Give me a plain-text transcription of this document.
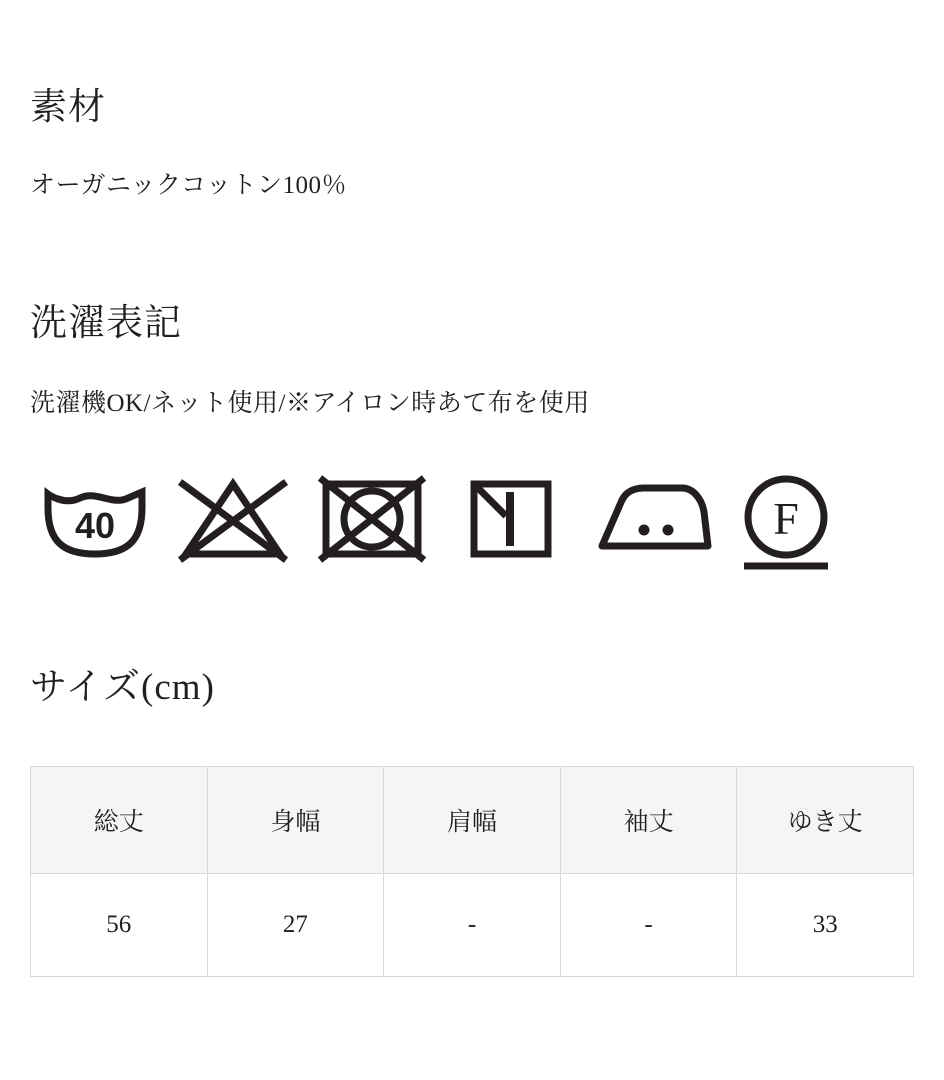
素材

オーガニックコットン100％

洗濯表記

洗濯機OK/ネット使用/※アイロン時あて布を使用

40	F
サイズ(cm)
総丈	身幅	肩幅	袖丈	ゆき丈
56	27	-	-	33
